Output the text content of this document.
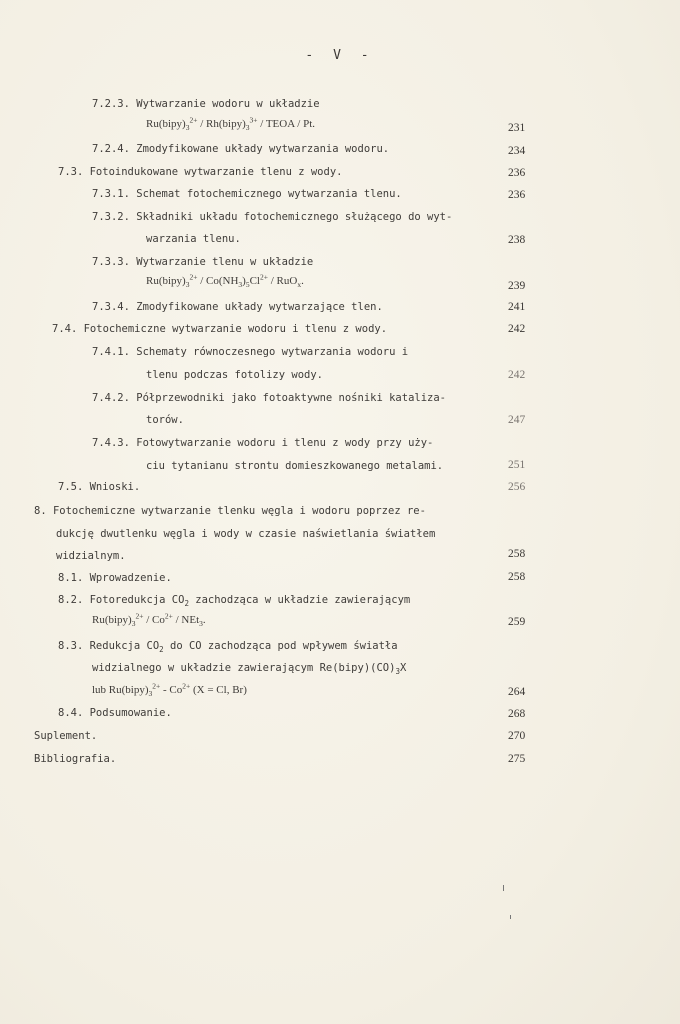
- V -
7.2.3. Wytwarzanie wodoru w układzie
$Ru(bipy)_3^{2+}$ / $Rh(bipy)_3^{3+}$ / TEOA / Pt.	231
7.2.4. Zmodyfikowane układy wytwarzania wodoru.	234
7.3. Fotoindukowane wytwarzanie tlenu z wody.	236
7.3.1. Schemat fotochemicznego wytwarzania tlenu.	236
7.3.2. Składniki układu fotochemicznego służącego do wyt-
warzania tlenu.	238
7.3.3. Wytwarzanie tlenu w układzie
$Ru(bipy)_3^{2+} / Co(NH_3)_5Cl^{2+} / RuO_x$.	239
7.3.4. Zmodyfikowane układy wytwarzające tlen.	241
7.4. Fotochemiczne wytwarzanie wodoru i tlenu z wody.	242
7.4.1. Schematy równoczesnego wytwarzania wodoru i
tlenu podczas fotolizy wody.	242
7.4.2. Półprzewodniki jako fotoaktywne nośniki kataliza-
torów.	247
7.4.3. Fotowytwarzanie wodoru i tlenu z wody przy uży-
ciu tytanianu strontu domieszkowanego metalami.	251
7.5. Wnioski.	256
8. Fotochemiczne wytwarzanie tlenku węgla i wodoru poprzez re-
dukcję dwutlenku węgla i wody w czasie naświetlania światłem
widzialnym.	258
8.1. Wprowadzenie.	258
8.2. Fotoredukcja $CO_2$ zachodząca w układzie zawierającym
$Ru(bipy)_3^{2+} / Co^{2+} / NEt_3$.	259
8.3. Redukcja $CO_2$ do CO zachodząca pod wpływem światła
widzialnego w układzie zawierającym $Re(bipy)(CO)_3X$
lub $Ru(bipy)_3^{2+} - Co^{2+}$ (X = Cl, Br)	264
8.4. Podsumowanie.	268
Suplement.	270
Bibliografia.	275
